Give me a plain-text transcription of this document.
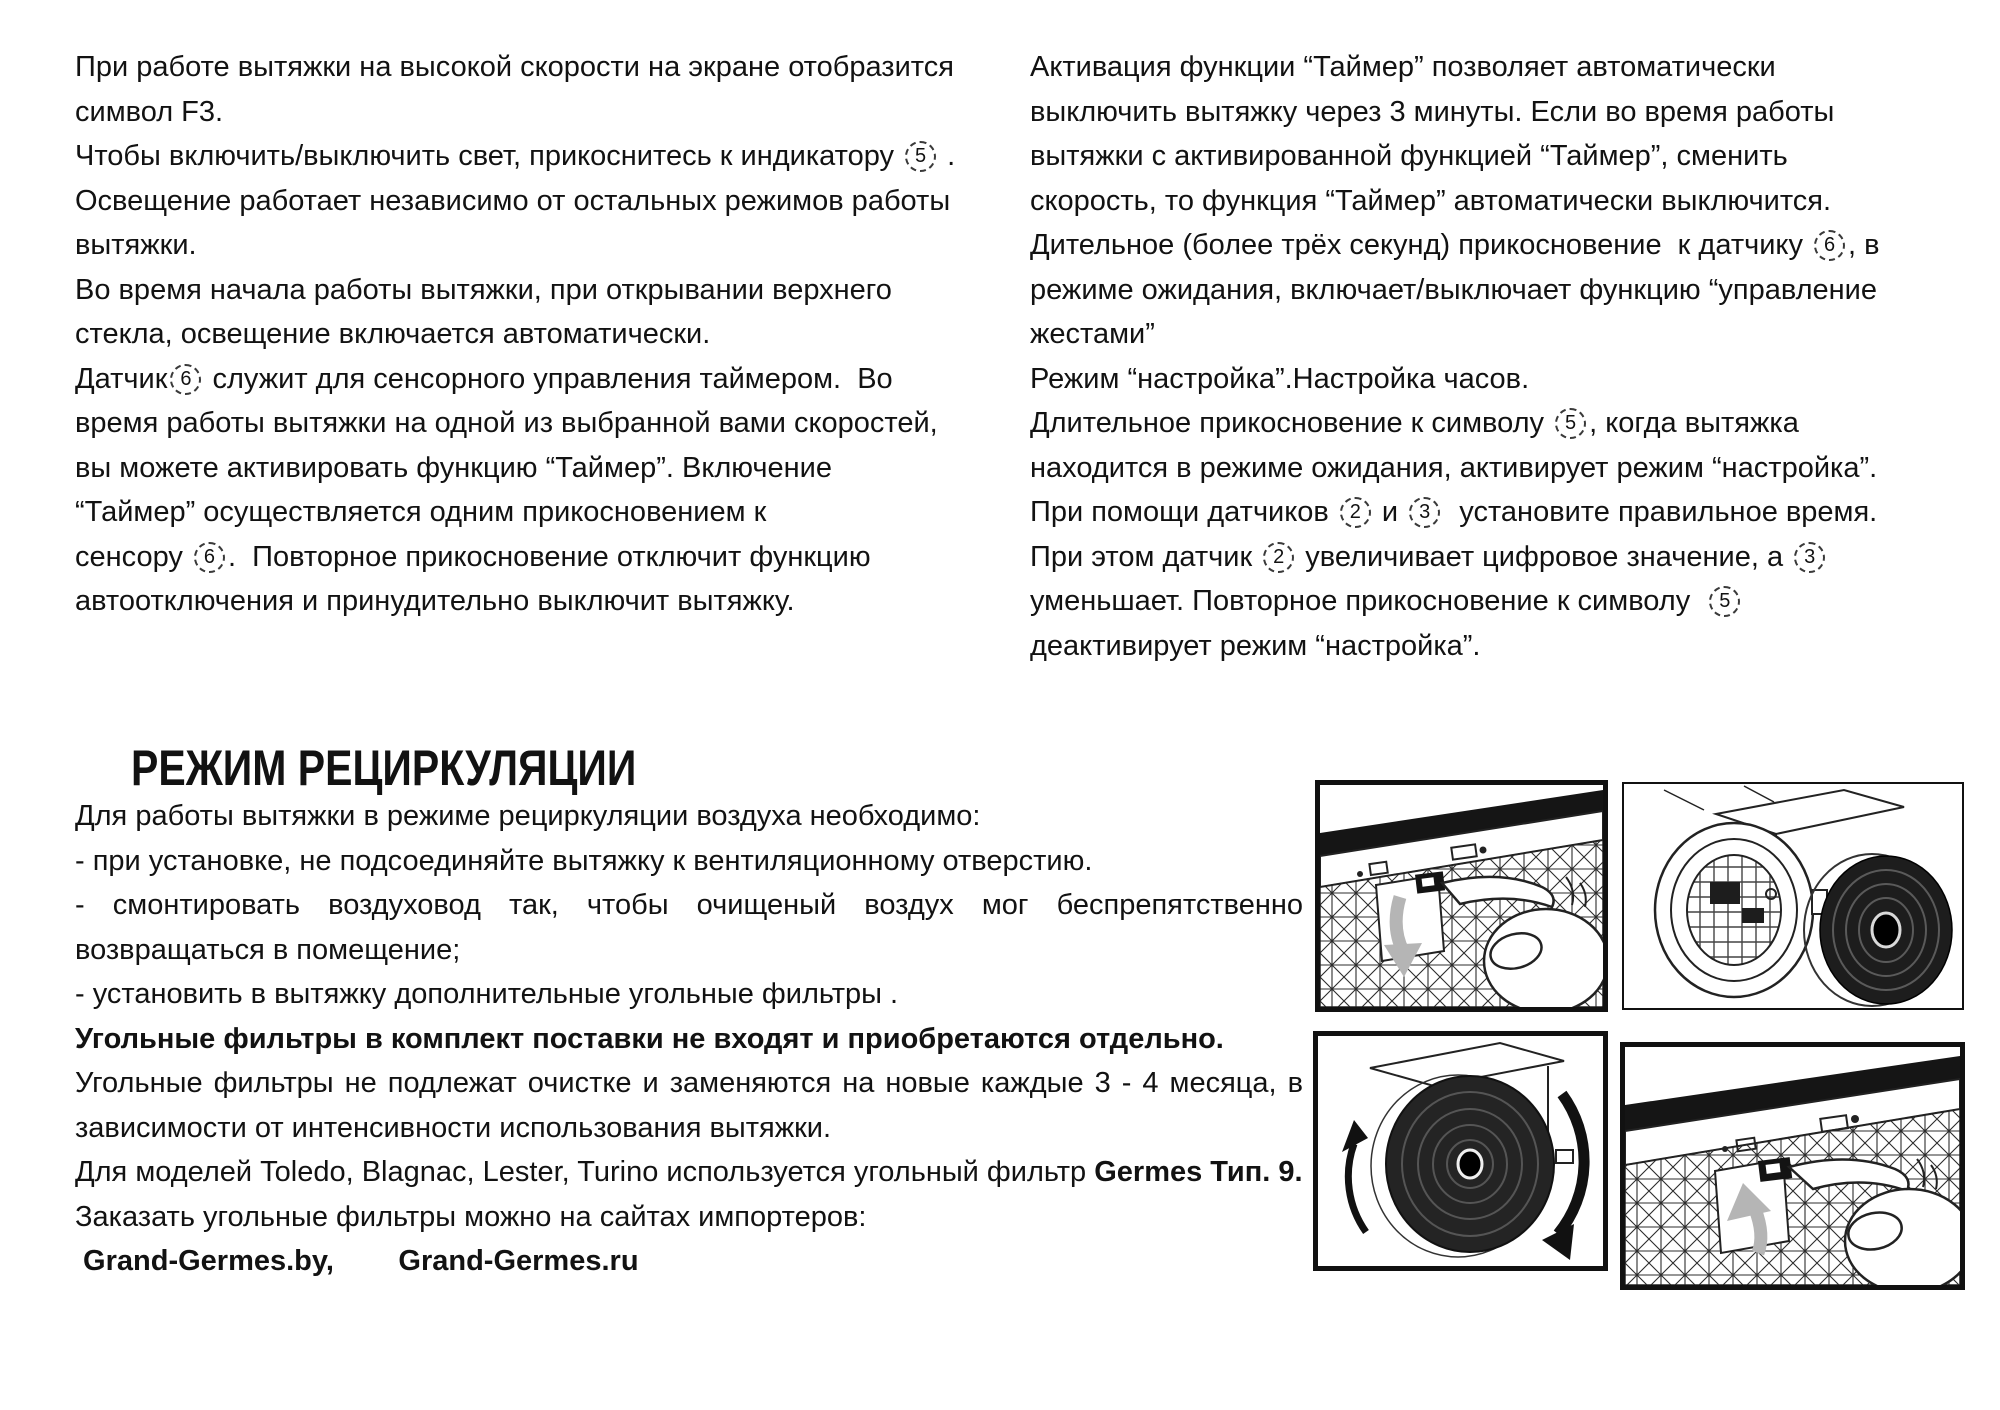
При работе вытяжки на высокой скорости на экране отобразится
символ F3.
Чтобы включить/выключить свет, прикоснитесь к индикатору 5 .
Освещение работает независимо от остальных режимов работы
вытяжки.
Во время начала работы вытяжки, при открывании верхнего
стекла, освещение включается автоматически.
Датчик 6 служит для сенсорного управления таймером.  Во
время работы вытяжки на одной из выбранной вами скоростей,
вы можете активировать функцию “Таймер”. Включение
“Таймер” осуществляется одним прикосновением к
сенсору 6 .  Повторное прикосновение отключит функцию
автоотключения и принудительно выключит вытяжку.
Активация функции “Таймер” позволяет автоматически
выключить вытяжку через 3 минуты. Если во время работы
вытяжки с активированной функцией “Таймер”, сменить
скорость, то функция “Таймер” автоматически выключится.
Дительное (более трёх секунд) прикосновение  к датчику 6 , в
режиме ожидания, включает/выключает функцию “управление
жестами”
Режим “настройка”.Настройка часов.
Длительное прикосновение к символу 5 , когда вытяжка
находится в режиме ожидания, активирует режим “настройка”.
При помощи датчиков 2 и 3  установите правильное время.
При этом датчик 2 увеличивает цифровое значение, а 3
уменьшает. Повторное прикосновение к символу  5
деактивирует режим “настройка”.

РЕЖИМ РЕЦИРКУЛЯЦИИ

Для работы вытяжки в режиме рециркуляции воздуха необходимо:
- при установке, не подсоединяйте вытяжку к вентиляционному отверстию.
- смонтировать воздуховод так, чтобы очищеный воздух мог беспрепятственно
возвращаться в помещение;
- установить в вытяжку дополнительные угольные фильтры .
Угольные фильтры в комплект поставки не входят и приобретаются отдельно.
Угольные фильтры не подлежат очистке и заменяются на новые каждые 3 - 4 месяца, в
зависимости от интенсивности использования вытяжки.
Для моделей Toledo, Blagnac, Lester, Turino используется угольный фильтр Germes Тип. 9.
Заказать угольные фильтры можно на сайтах импортеров:
Grand-Germes.by, Grand-Germes.ru
